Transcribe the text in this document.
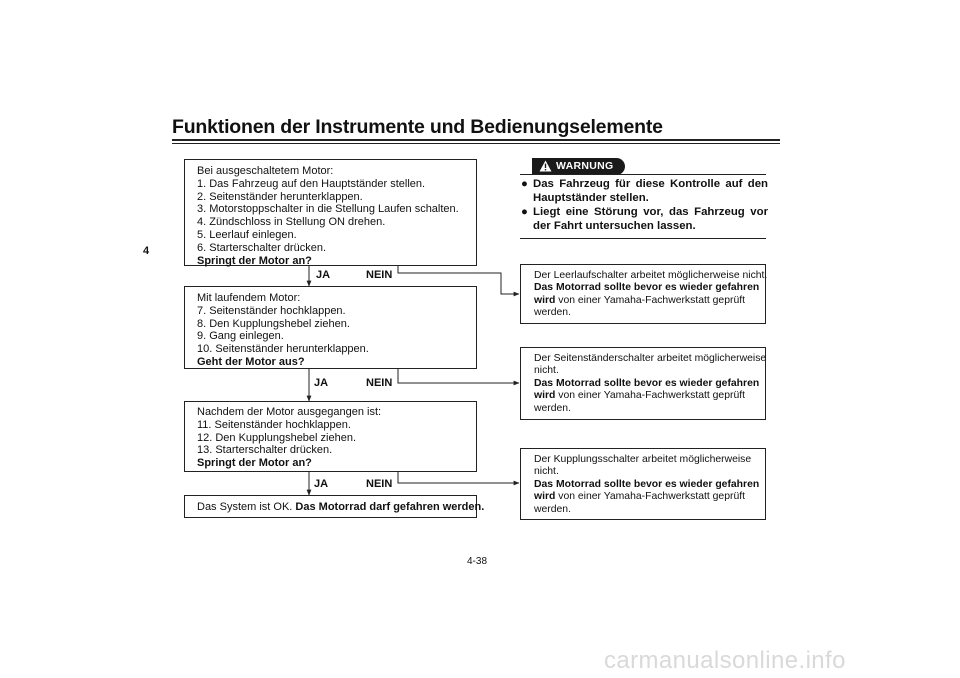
Funktionen der Instrumente und Bedienungselemente
4
Bei ausgeschaltetem Motor:
1. Das Fahrzeug auf den Hauptständer stellen.
2. Seitenständer herunterklappen.
3. Motorstoppschalter in die Stellung Laufen schalten.
4. Zündschloss in Stellung ON drehen.
5. Leerlauf einlegen.
6. Starterschalter drücken.
Springt der Motor an?
JA	NEIN
Mit laufendem Motor:
7. Seitenständer hochklappen.
8. Den Kupplungshebel ziehen.
9. Gang einlegen.
10. Seitenständer herunterklappen.
Geht der Motor aus?
JA	NEIN
Nachdem der Motor ausgegangen ist:
11. Seitenständer hochklappen.
12. Den Kupplungshebel ziehen.
13. Starterschalter drücken.
Springt der Motor an?
JA	NEIN
Das System ist OK. Das Motorrad darf gefahren werden.
WARNUNG
● Das Fahrzeug für diese Kontrolle auf den Hauptständer stellen.
● Liegt eine Störung vor, das Fahrzeug vor der Fahrt untersuchen lassen.
Der Leerlaufschalter arbeitet möglicherweise nicht.
Das Motorrad sollte bevor es wieder gefahren
wird von einer Yamaha-Fachwerkstatt geprüft
werden.
Der Seitenständerschalter arbeitet möglicherweise
nicht.
Das Motorrad sollte bevor es wieder gefahren
wird von einer Yamaha-Fachwerkstatt geprüft
werden.
Der Kupplungsschalter arbeitet möglicherweise
nicht.
Das Motorrad sollte bevor es wieder gefahren
wird von einer Yamaha-Fachwerkstatt geprüft
werden.
4-38
carmanualsonline.info
